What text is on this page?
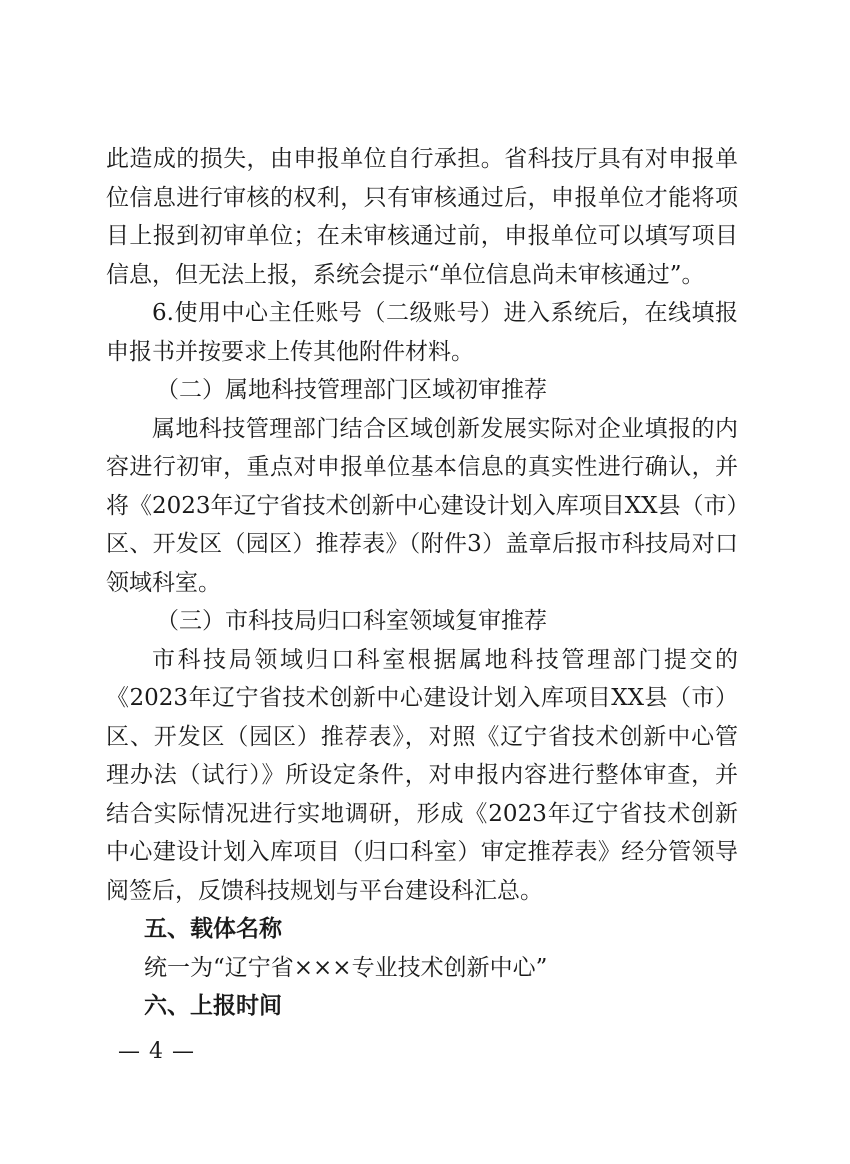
此造成的损失，由申报单位自行承担。省科技厅具有对申报单位信息进行审核的权利，只有审核通过后，申报单位才能将项目上报到初审单位；在未审核通过前，申报单位可以填写项目信息，但无法上报，系统会提示“单位信息尚未审核通过”。

6.使用中心主任账号（二级账号）进入系统后，在线填报申报书并按要求上传其他附件材料。

（二）属地科技管理部门区域初审推荐

属地科技管理部门结合区域创新发展实际对企业填报的内容进行初审，重点对申报单位基本信息的真实性进行确认，并将《2023年辽宁省技术创新中心建设计划入库项目XX县（市）区、开发区（园区）推荐表》（附件3）盖章后报市科技局对口领域科室。

（三）市科技局归口科室领域复审推荐

市科技局领域归口科室根据属地科技管理部门提交的《2023年辽宁省技术创新中心建设计划入库项目XX县（市）区、开发区（园区）推荐表》，对照《辽宁省技术创新中心管理办法（试行）》所设定条件，对申报内容进行整体审查，并结合实际情况进行实地调研，形成《2023年辽宁省技术创新中心建设计划入库项目（归口科室）审定推荐表》经分管领导阅签后，反馈科技规划与平台建设科汇总。

五、载体名称

统一为“辽宁省×××专业技术创新中心”

六、上报时间

— 4 —
